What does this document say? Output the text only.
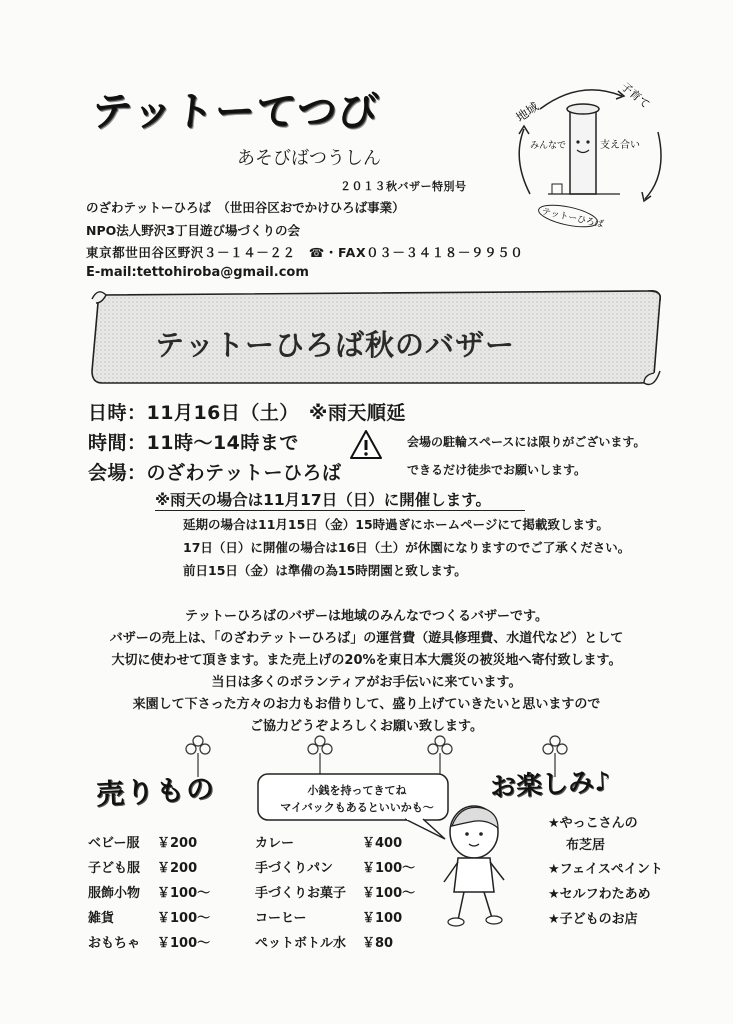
テットーてつび
あそびばつうしん
２０１３秋バザー特別号
のざわテットーひろば　（世田谷区おでかけひろば事業）
NPO法人野沢3丁目遊び場づくりの会
東京都世田谷区野沢３－１４－２２　☎・FAX０３－３４１８－９９５０
E-mail:tettohiroba@gmail.com
地域
子育て
みんなで	支え合い
テットーひろば
テットーひろば秋のバザー
日時：11月16日（土）　※雨天順延
時間：11時〜14時まで
会場：のざわテットーひろば
会場の駐輪スペースには限りがございます。
できるだけ徒歩でお願いします。
※雨天の場合は11月17日（日）に開催します。
延期の場合は11月15日（金）15時過ぎにホームページにて掲載致します。
17日（日）に開催の場合は16日（土）が休園になりますのでご了承ください。
前日15日（金）は準備の為15時閉園と致します。
テットーひろばのバザーは地域のみんなでつくるバザーです。
バザーの売上は、「のざわテットーひろば」の運営費（遊具修理費、水道代など）として
大切に使わせて頂きます。また売上げの20%を東日本大震災の被災地へ寄付致します。
当日は多くのボランティアがお手伝いに来ています。
来園して下さった方々のお力もお借りして、盛り上げていきたいと思いますので
ご協力どうぞよろしくお願い致します。
売りもの	お楽しみ♪
小銭を持ってきてね
マイバックもあるといいかも〜
ベビー服 ￥200
子ども服 ￥200
服飾小物 ￥100〜
雑貨	￥100〜
おもちゃ ￥100〜
カレー	￥400
手づくりパン ￥100〜
手づくりお菓子 ￥100〜
コーヒー	￥100
ペットボトル水 ￥80
★やっこさんの
布芝居
★フェイスペイント
★セルフわたあめ
★子どものお店
